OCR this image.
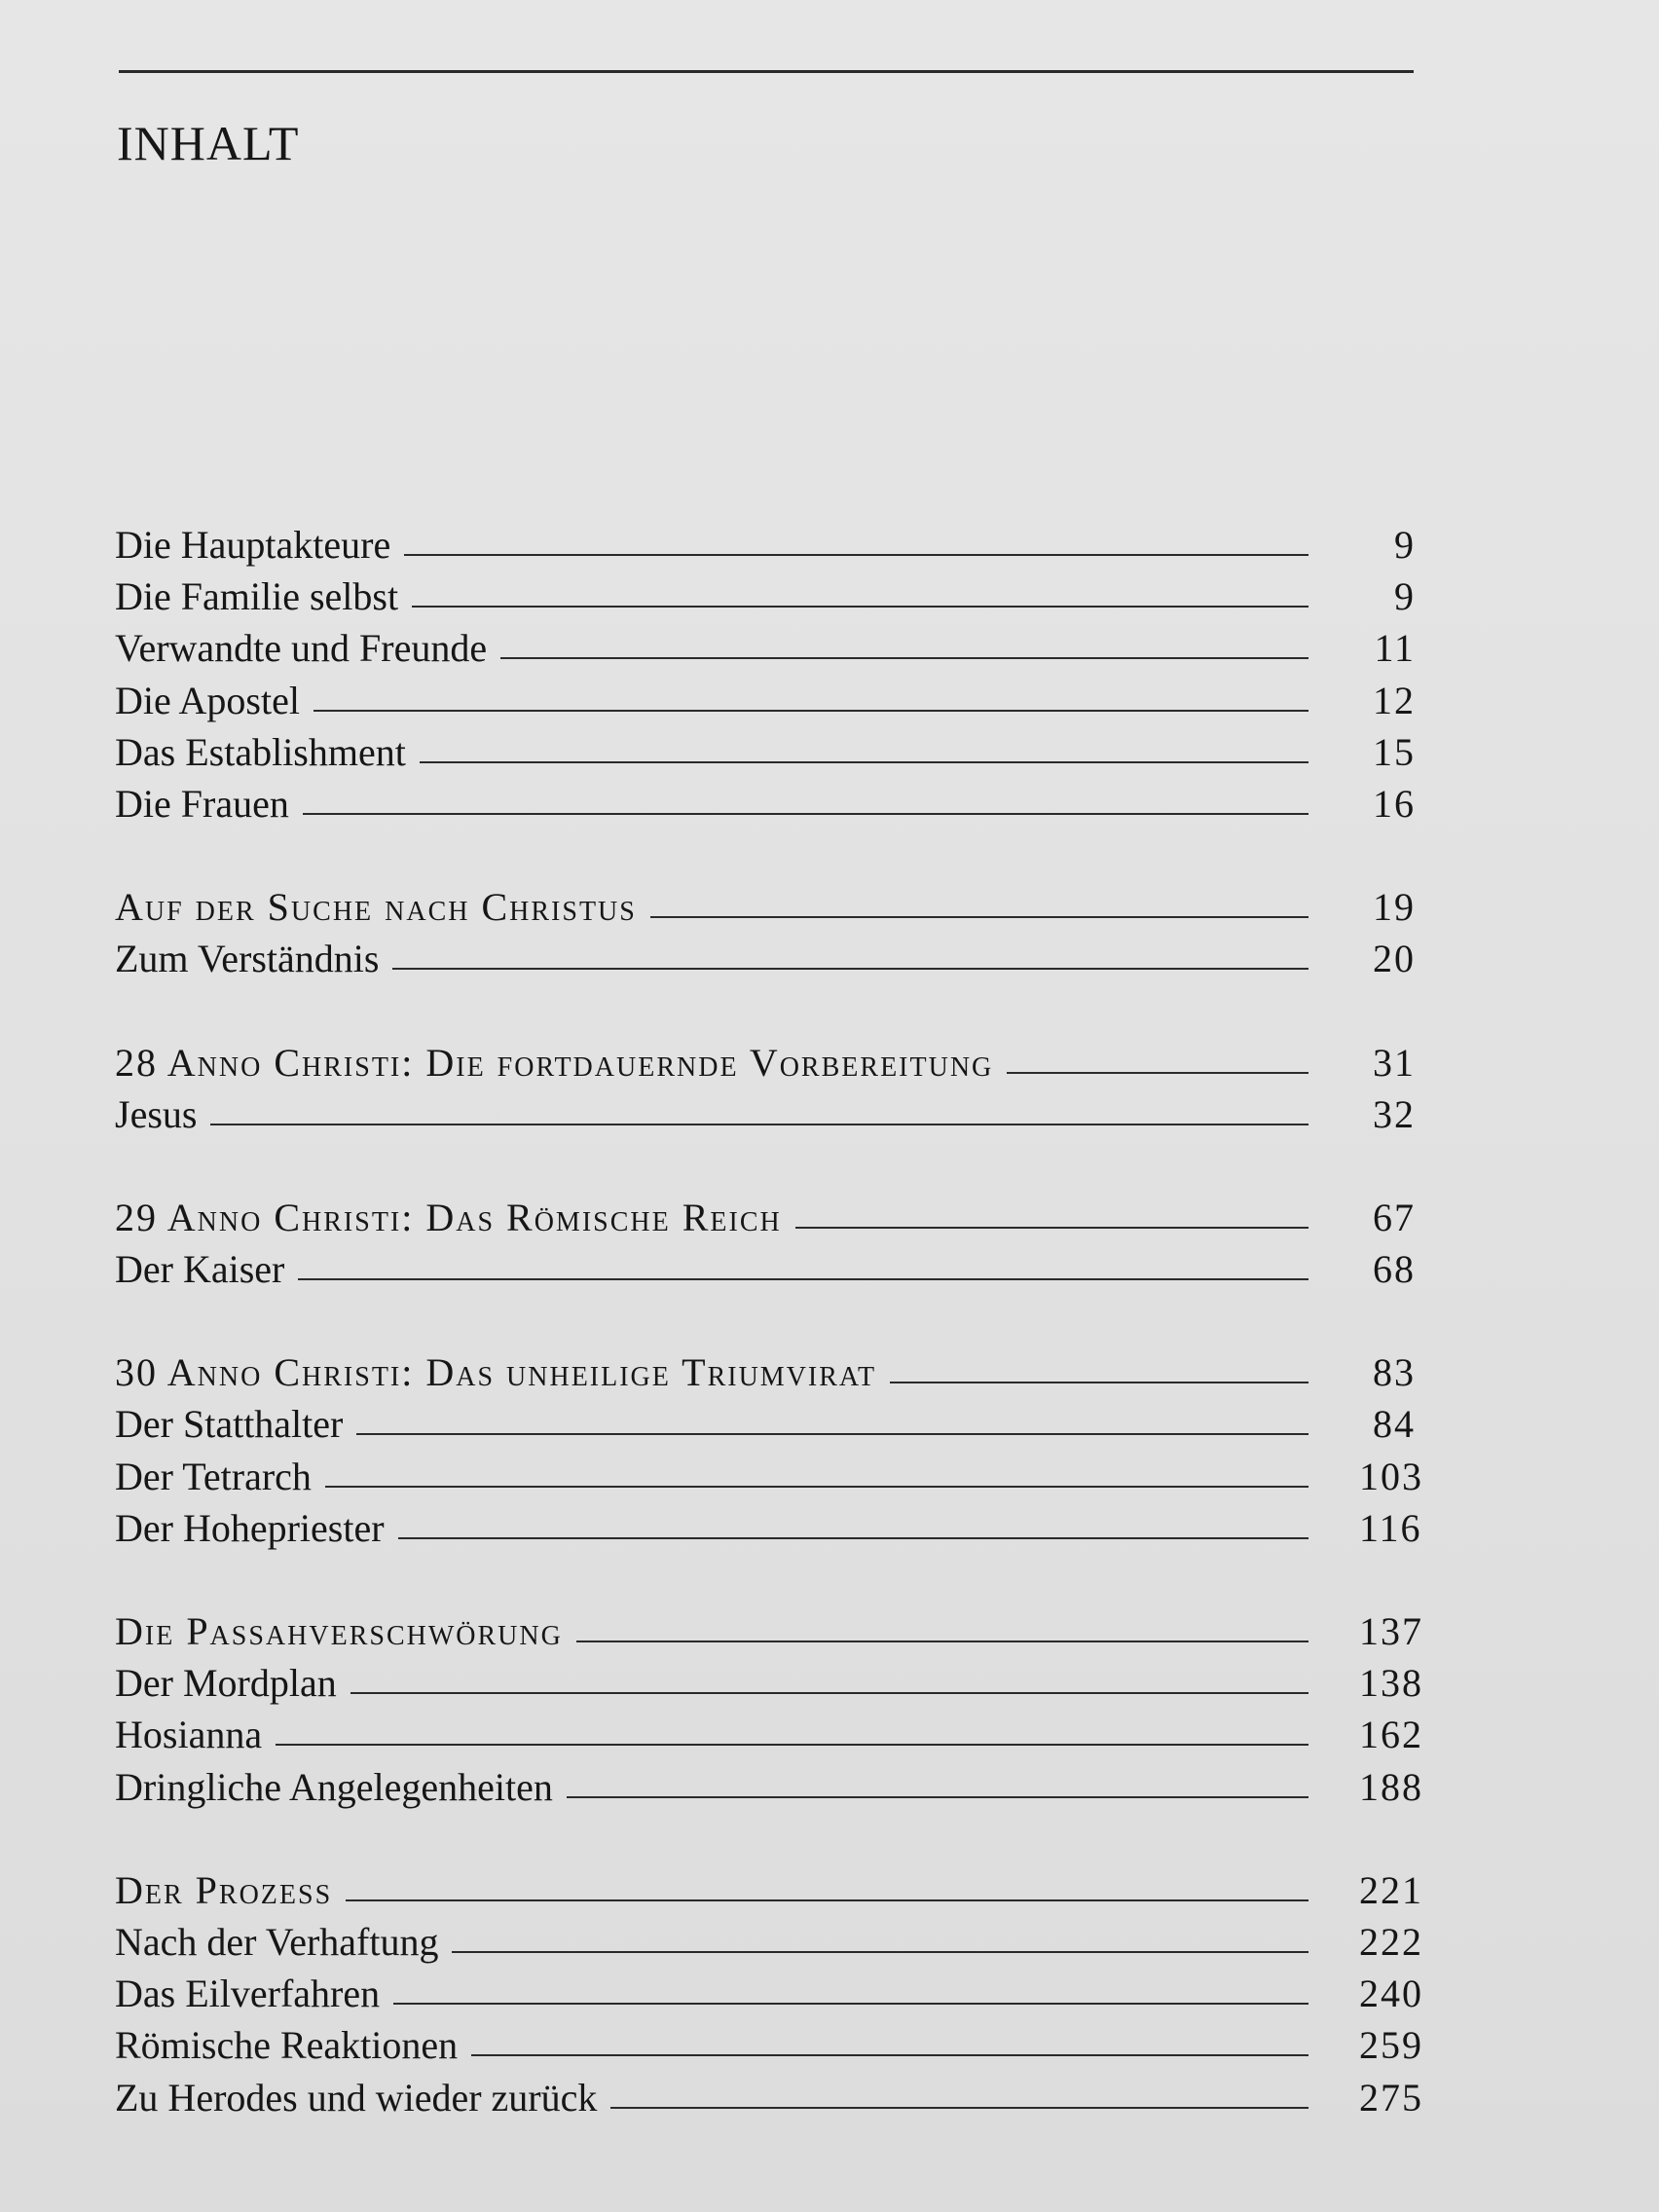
INHALT
Die Hauptakteure	9
Die Familie selbst	9
Verwandte und Freunde	11
Die Apostel	12
Das Establishment	15
Die Frauen	16
Auf der Suche nach Christus	19
Zum Verständnis	20
28 Anno Christi: Die fortdauernde Vorbereitung	31
Jesus	32
29 Anno Christi: Das Römische Reich	67
Der Kaiser	68
30 Anno Christi: Das unheilige Triumvirat	83
Der Statthalter	84
Der Tetrarch	103
Der Hohepriester	116
Die Passahverschwörung	137
Der Mordplan	138
Hosianna	162
Dringliche Angelegenheiten	188
Der Prozess	221
Nach der Verhaftung	222
Das Eilverfahren	240
Römische Reaktionen	259
Zu Herodes und wieder zurück	275
